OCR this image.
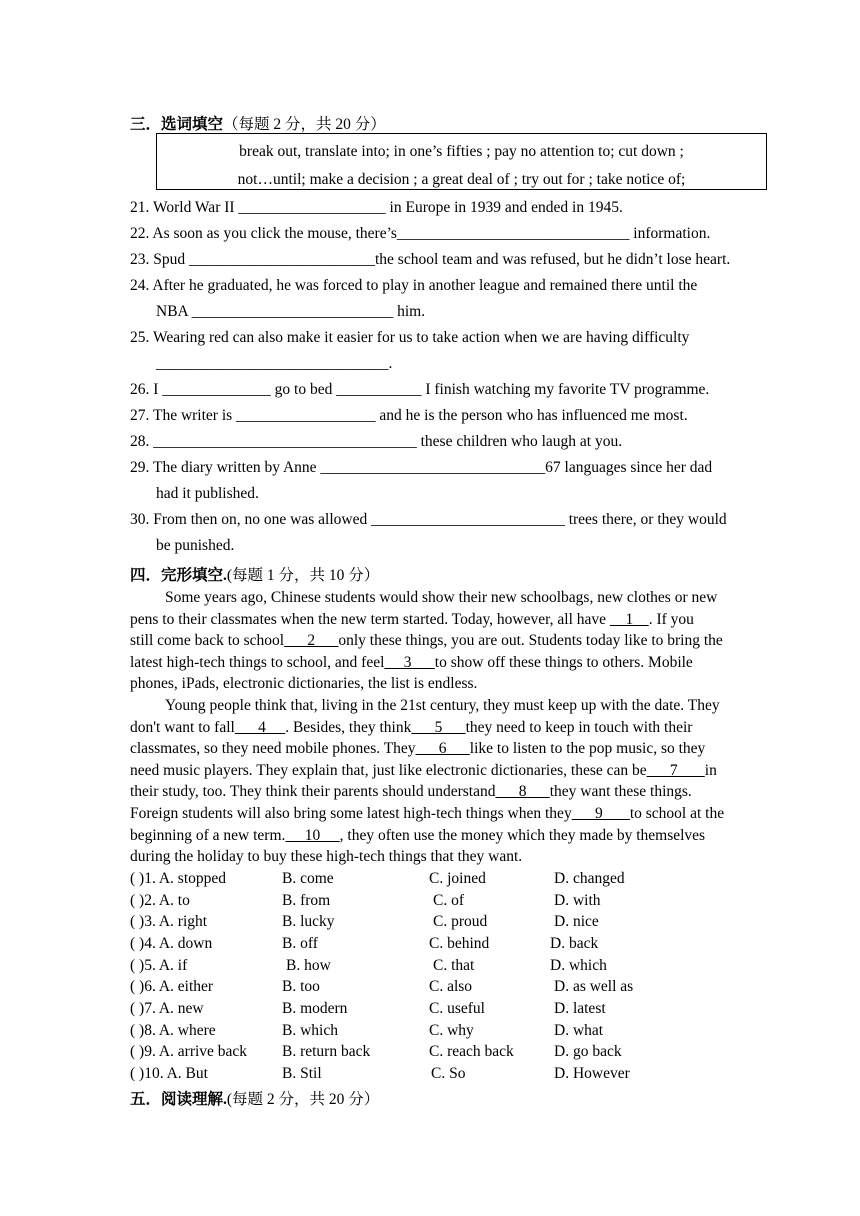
三．选词填空（每题 2 分，共 20 分）
break out, translate into; in one’s fifties ; pay no attention to; cut down ;
not…until; make a decision ; a great deal of ; try out for ; take notice of;
21. World War II ___________________ in Europe in 1939 and ended in 1945.
22. As soon as you click the mouse, there’s______________________________ information.
23. Spud ________________________the school team and was refused, but he didn’t lose heart.
24. After he graduated, he was forced to play in another league and remained there until the
NBA __________________________ him.
25. Wearing red can also make it easier for us to take action when we are having difficulty
______________________________.
26. I ______________ go to bed ___________ I finish watching my favorite TV programme.
27. The writer is __________________ and he is the person who has influenced me most.
28. __________________________________ these children who laugh at you.
29. The diary written by Anne _____________________________67 languages since her dad
had it published.
30. From then on, no one was allowed _________________________ trees there, or they would
be punished.
四．完形填空.(每题 1 分，共 10 分）
Some years ago, Chinese students would show their new schoolbags, new clothes or new
pens to their classmates when the new term started. Today, however, all have     1    . If you
still come back to school      2      only these things, you are out. Students today like to bring the
latest high-tech things to school, and feel     3      to show off these things to others. Mobile
phones, iPads, electronic dictionaries, the list is endless.
Young people think that, living in the 21st century, they must keep up with the date. They
don't want to fall      4     . Besides, they think      5      they need to keep in touch with their
classmates, so they need mobile phones. They      6      like to listen to the pop music, so they
need music players. They explain that, just like electronic dictionaries, these can be      7       in
their study, too. They think their parents should understand      8      they want these things.
Foreign students will also bring some latest high-tech things when they      9       to school at the
beginning of a new term.     10     , they often use the money which they made by themselves
during the holiday to buy these high-tech things that they want.
( )1. A. stopped	B. come	C. joined	D. changed
( )2. A. to	B. from	C. of	D. with
( )3. A. right	B. lucky	C. proud	D. nice
( )4. A. down	B. off	C. behind	D. back
( )5. A. if	B. how	C. that	D. which
( )6. A. either	B. too	C. also	D. as well as
( )7. A. new	B. modern	C. useful	D. latest
( )8. A. where	B. which	C. why	D. what
( )9. A. arrive back B. return back	C. reach back	D. go back
( )10. A. But	B. Stil	C. So	D. However
五．阅读理解.(每题 2 分，共 20 分）
